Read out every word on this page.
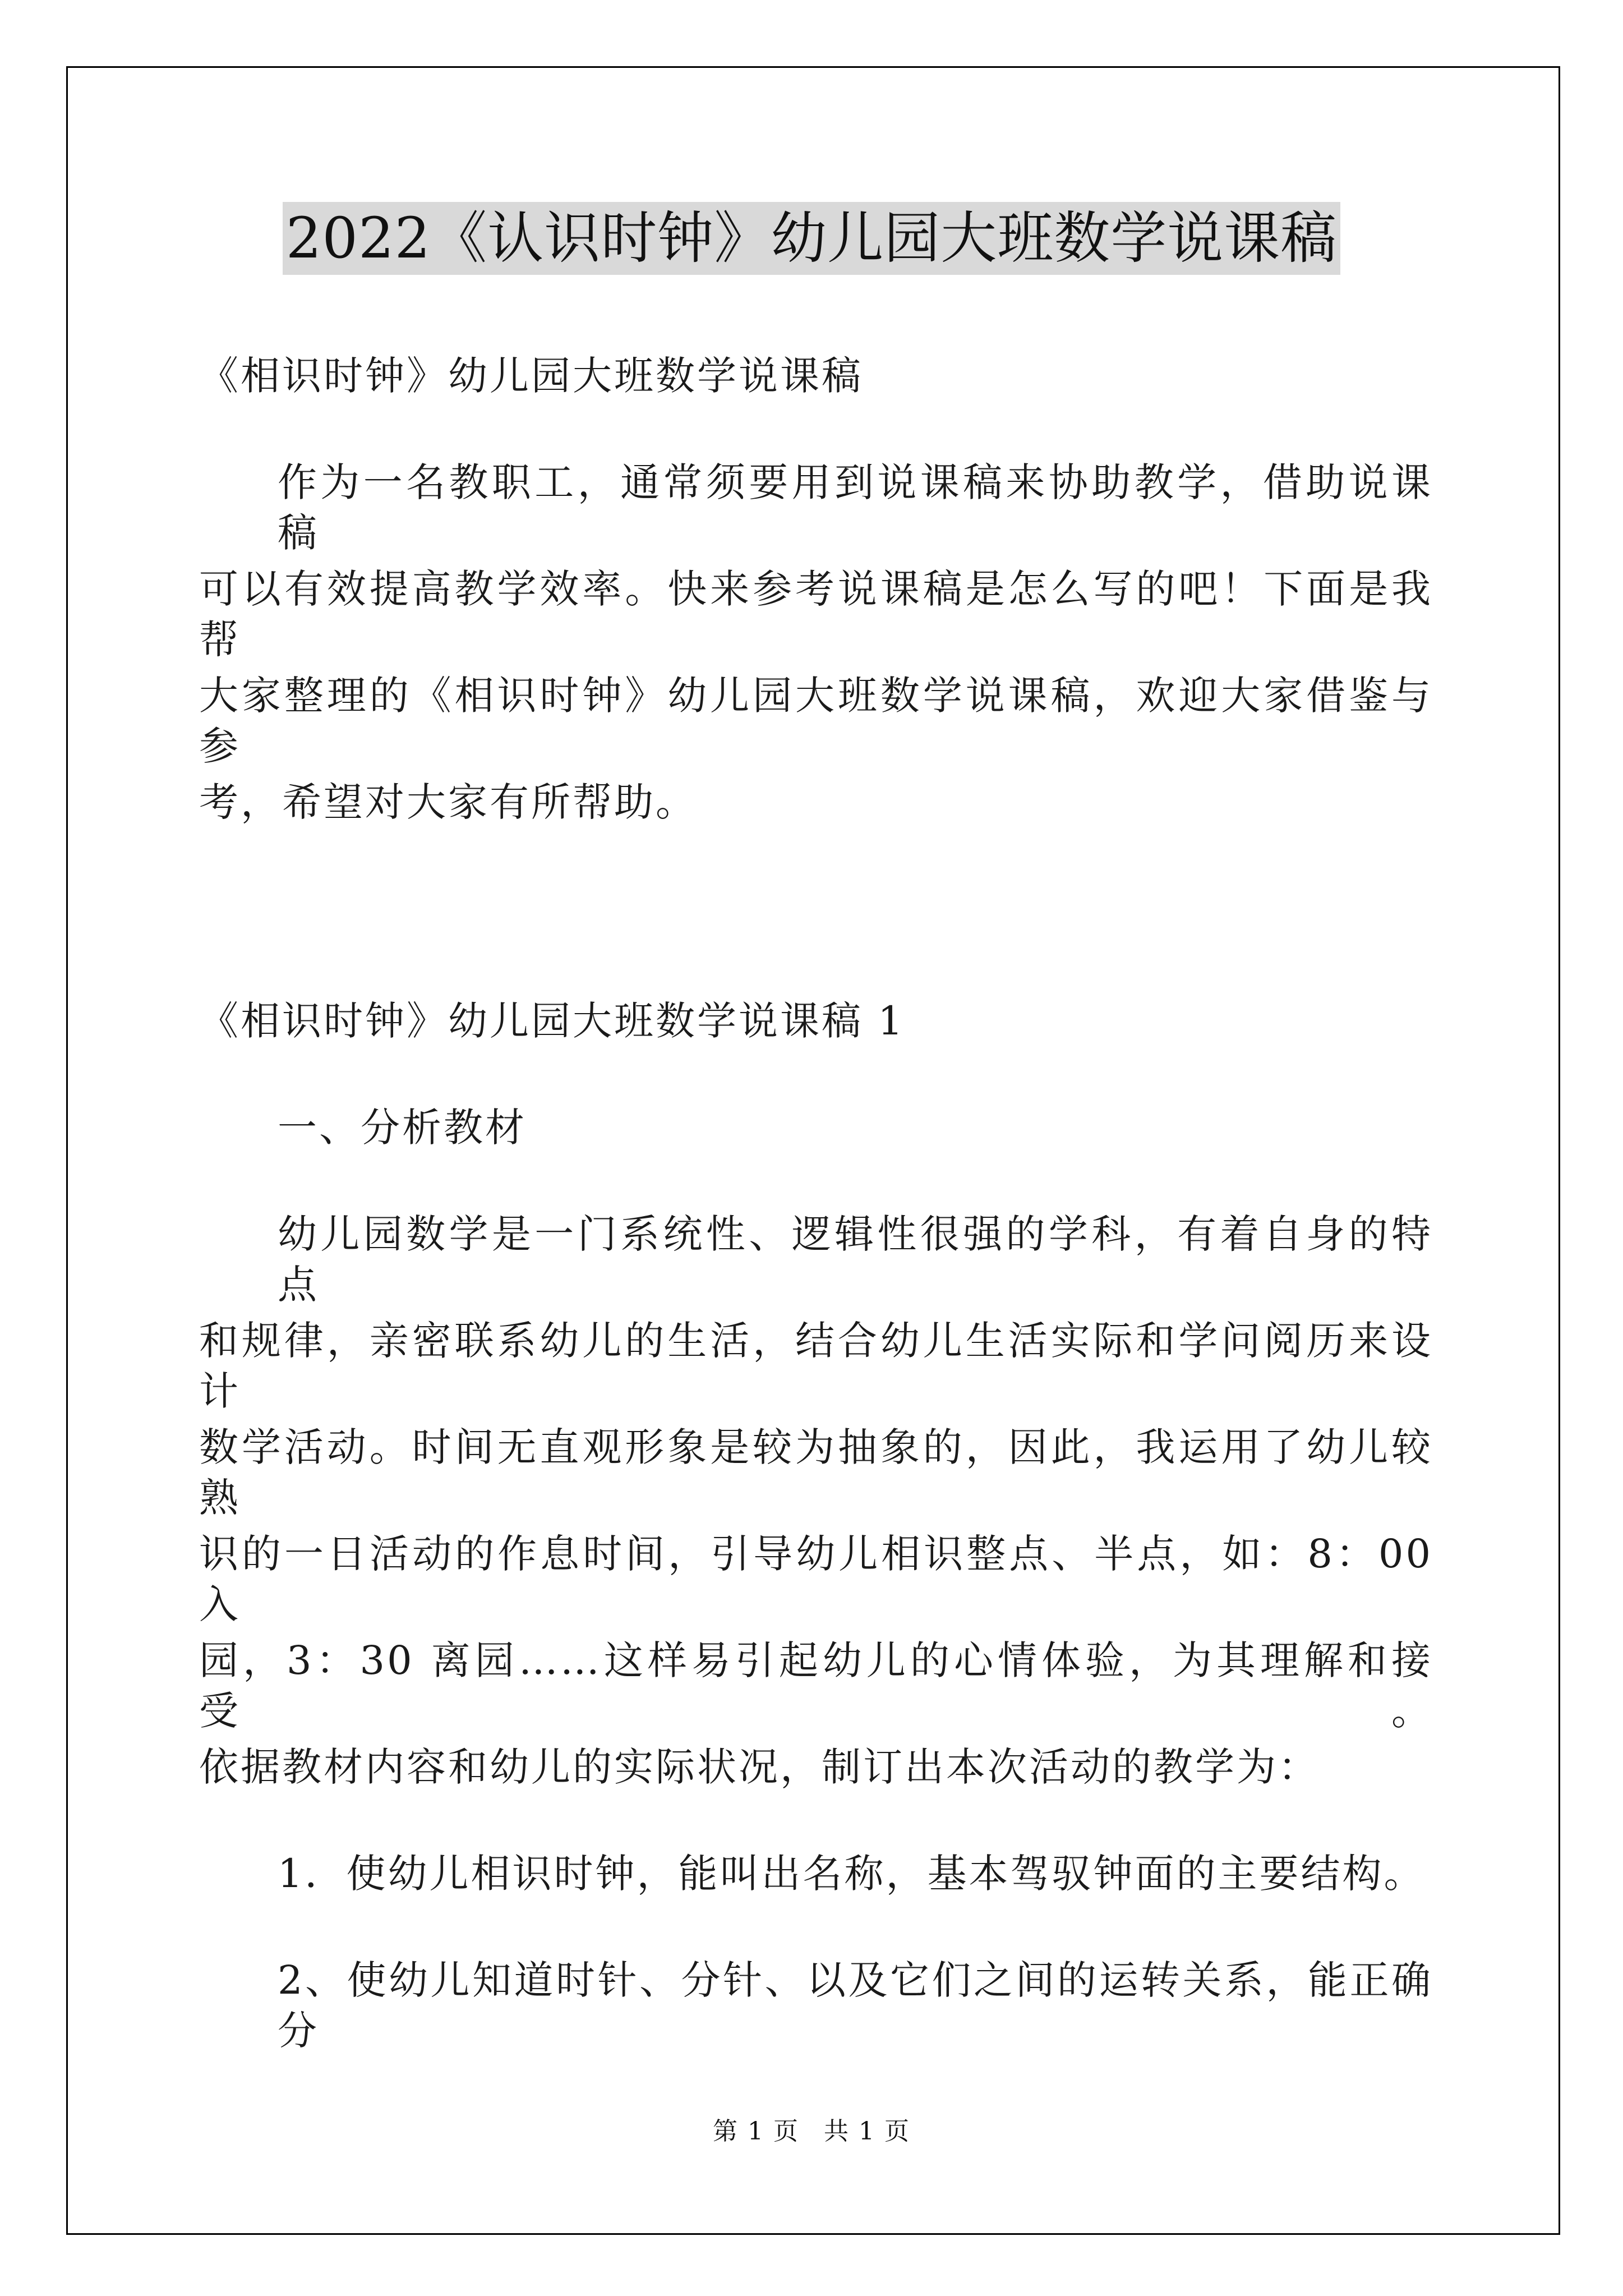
2022《认识时钟》幼儿园大班数学说课稿
《相识时钟》幼儿园大班数学说课稿
作为一名教职工，通常须要用到说课稿来协助教学，借助说课稿
可以有效提高教学效率。快来参考说课稿是怎么写的吧！下面是我帮
大家整理的《相识时钟》幼儿园大班数学说课稿，欢迎大家借鉴与参
考，希望对大家有所帮助。
《相识时钟》幼儿园大班数学说课稿 1
一、分析教材
幼儿园数学是一门系统性、逻辑性很强的学科，有着自身的特点
和规律，亲密联系幼儿的生活，结合幼儿生活实际和学问阅历来设计
数学活动。时间无直观形象是较为抽象的，因此，我运用了幼儿较熟
识的一日活动的作息时间，引导幼儿相识整点、半点，如：8：00 入
园，3：30 离园……这样易引起幼儿的心情体验，为其理解和接受。
依据教材内容和幼儿的实际状况，制订出本次活动的教学为：
1．使幼儿相识时钟，能叫出名称，基本驾驭钟面的主要结构。
2、使幼儿知道时针、分针、以及它们之间的运转关系，能正确分
第 1 页 共 1 页
